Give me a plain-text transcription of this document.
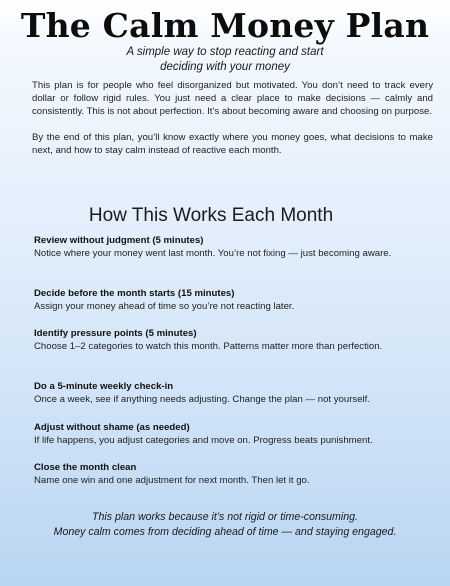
The Calm Money Plan
A simple way to stop reacting and start
deciding with your money

This plan is for people who feel disorganized but motivated. You don’t need to track every dollar or follow rigid rules. You just need a clear place to make decisions — calmly and consistently. This is not about perfection. It’s about becoming aware and choosing on purpose.

By the end of this plan, you’ll know exactly where you money goes, what decisions to make next, and how to stay calm instead of reactive each month.

How This Works Each Month
Review without judgment (5 minutes)
Notice where your money went last month. You’re not fixing — just becoming aware.
Decide before the month starts (15 minutes)
Assign your money ahead of time so you’re not reacting later.
Identify pressure points (5 minutes)
Choose 1–2 categories to watch this month. Patterns matter more than perfection.
Do a 5-minute weekly check-in
Once a week, see if anything needs adjusting. Change the plan — not yourself.
Adjust without shame (as needed)
If life happens, you adjust categories and move on. Progress beats punishment.
Close the month clean
Name one win and one adjustment for next month. Then let it go.
This plan works because it’s not rigid or time-consuming.
Money calm comes from deciding ahead of time — and staying engaged.
